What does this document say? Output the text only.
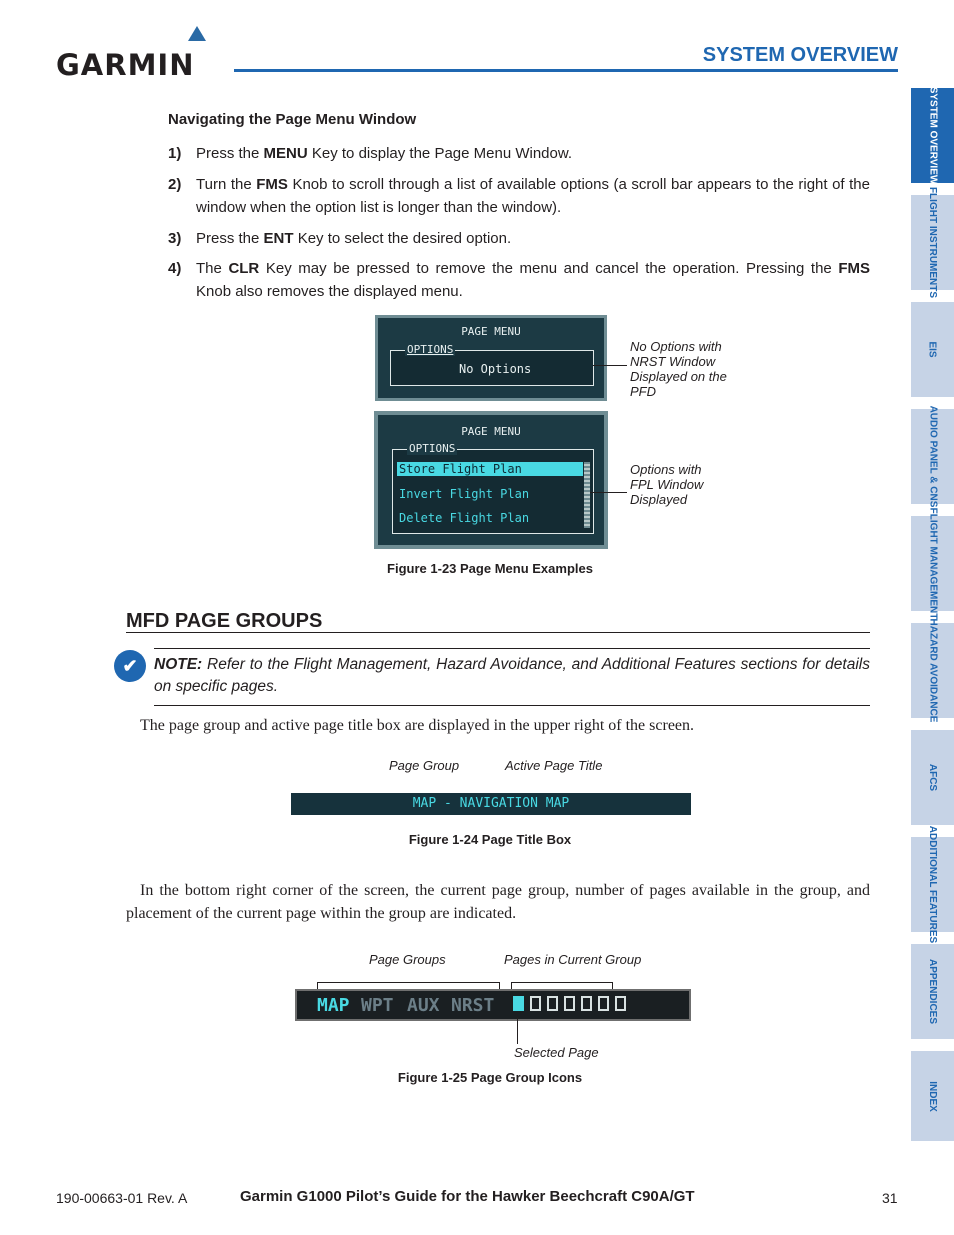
GARMIN	SYSTEM OVERVIEW
SYSTEM OVERVIEW
FLIGHT INSTRUMENTS
EIS
AUDIO PANEL & CNS
FLIGHT MANAGEMENT
HAZARD AVOIDANCE
AFCS
ADDITIONAL FEATURES
APPENDICES
INDEX
Navigating the Page Menu Window
1) Press the MENU Key to display the Page Menu Window.
2) Turn the FMS Knob to scroll through a list of available options (a scroll bar appears to the right of the window when the option list is longer than the window).
3) Press the ENT Key to select the desired option.
4) The CLR Key may be pressed to remove the menu and cancel the operation. Pressing the FMS Knob also removes the displayed menu.
PAGE MENU
OPTIONS
No Options
No Options with NRST Window Displayed on the PFD
PAGE MENU
OPTIONS
Store Flight Plan
Invert Flight Plan
Delete Flight Plan
Options with FPL Window Displayed
Figure 1-23 Page Menu Examples
MFD PAGE GROUPS
✔	NOTE: Refer to the Flight Management, Hazard Avoidance, and Additional Features sections for details on specific pages.
The page group and active page title box are displayed in the upper right of the screen.
Page Group	Active Page Title
MAP - NAVIGATION MAP
Figure 1-24 Page Title Box
In the bottom right corner of the screen, the current page group, number of pages available in the group, and placement of the current page within the group are indicated.
Page Groups	Pages in Current Group
MAP WPT AUX NRST
Selected Page
Figure 1-25 Page Group Icons
190-00663-01 Rev. A	Garmin G1000 Pilot’s Guide for the Hawker Beechcraft C90A/GT	31
